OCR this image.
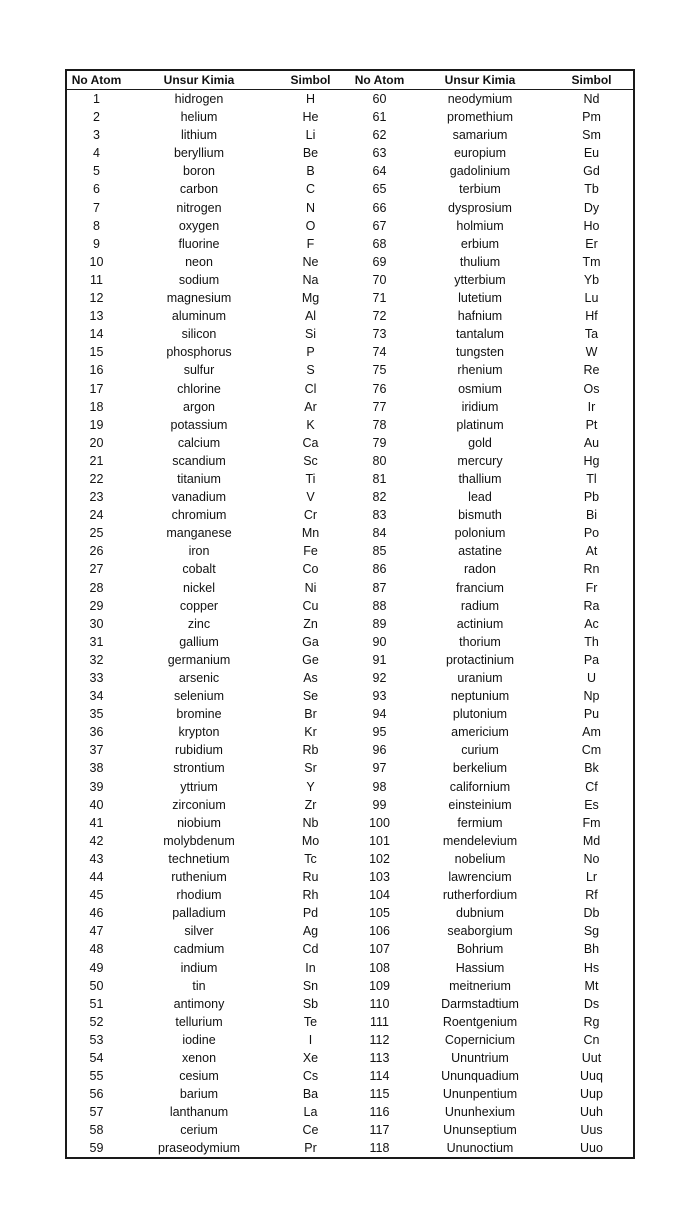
No Atom	Unsur Kimia	Simbol	No Atom	Unsur Kimia	Simbol
1	hidrogen	H	60	neodymium	Nd
2	helium	He	61	promethium	Pm
3	lithium	Li	62	samarium	Sm
4	beryllium	Be	63	europium	Eu
5	boron	B	64	gadolinium	Gd
6	carbon	C	65	terbium	Tb
7	nitrogen	N	66	dysprosium	Dy
8	oxygen	O	67	holmium	Ho
9	fluorine	F	68	erbium	Er
10	neon	Ne	69	thulium	Tm
11	sodium	Na	70	ytterbium	Yb
12	magnesium	Mg	71	lutetium	Lu
13	aluminum	Al	72	hafnium	Hf
14	silicon	Si	73	tantalum	Ta
15	phosphorus	P	74	tungsten	W
16	sulfur	S	75	rhenium	Re
17	chlorine	Cl	76	osmium	Os
18	argon	Ar	77	iridium	Ir
19	potassium	K	78	platinum	Pt
20	calcium	Ca	79	gold	Au
21	scandium	Sc	80	mercury	Hg
22	titanium	Ti	81	thallium	Tl
23	vanadium	V	82	lead	Pb
24	chromium	Cr	83	bismuth	Bi
25	manganese	Mn	84	polonium	Po
26	iron	Fe	85	astatine	At
27	cobalt	Co	86	radon	Rn
28	nickel	Ni	87	francium	Fr
29	copper	Cu	88	radium	Ra
30	zinc	Zn	89	actinium	Ac
31	gallium	Ga	90	thorium	Th
32	germanium	Ge	91	protactinium	Pa
33	arsenic	As	92	uranium	U
34	selenium	Se	93	neptunium	Np
35	bromine	Br	94	plutonium	Pu
36	krypton	Kr	95	americium	Am
37	rubidium	Rb	96	curium	Cm
38	strontium	Sr	97	berkelium	Bk
39	yttrium	Y	98	californium	Cf
40	zirconium	Zr	99	einsteinium	Es
41	niobium	Nb	100	fermium	Fm
42	molybdenum	Mo	101	mendelevium	Md
43	technetium	Tc	102	nobelium	No
44	ruthenium	Ru	103	lawrencium	Lr
45	rhodium	Rh	104	rutherfordium	Rf
46	palladium	Pd	105	dubnium	Db
47	silver	Ag	106	seaborgium	Sg
48	cadmium	Cd	107	Bohrium	Bh
49	indium	In	108	Hassium	Hs
50	tin	Sn	109	meitnerium	Mt
51	antimony	Sb	110	Darmstadtium	Ds
52	tellurium	Te	111	Roentgenium	Rg
53	iodine	I	112	Copernicium	Cn
54	xenon	Xe	113	Ununtrium	Uut
55	cesium	Cs	114	Ununquadium	Uuq
56	barium	Ba	115	Ununpentium	Uup
57	lanthanum	La	116	Ununhexium	Uuh
58	cerium	Ce	117	Ununseptium	Uus
59	praseodymium	Pr	118	Ununoctium	Uuo
